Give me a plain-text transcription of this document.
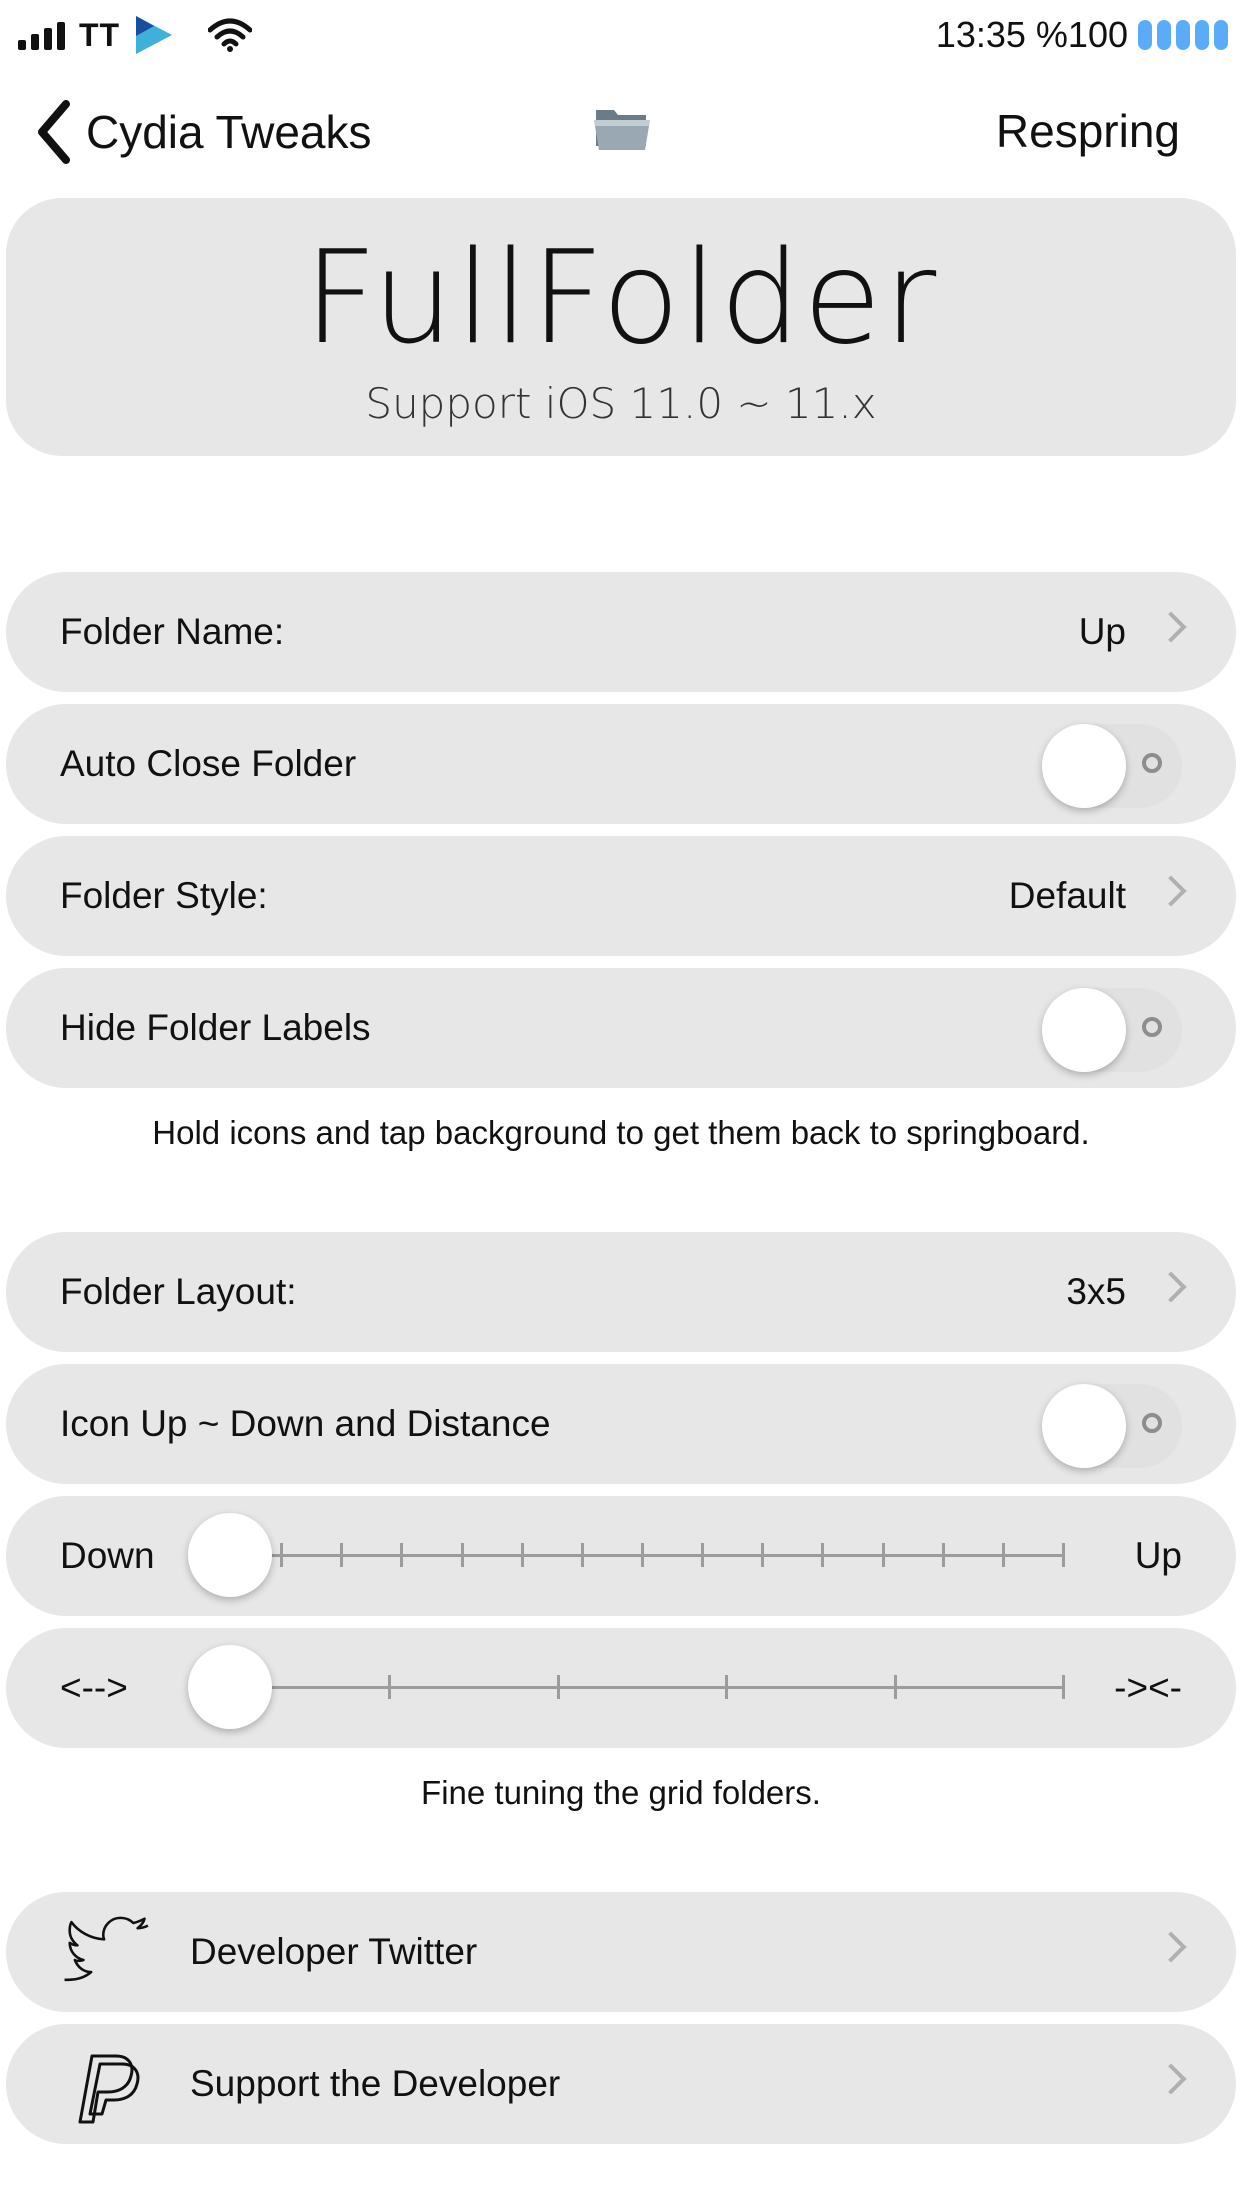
TT	13:35 %100
Cydia Tweaks	Respring
FullFolder
Support iOS 11.0 ~ 11.x
Folder Name:	Up
Auto Close Folder
Folder Style:	Default
Hide Folder Labels
Hold icons and tap background to get them back to springboard.
Folder Layout:	3x5
Icon Up ~ Down and Distance
Down	Up
<-->	-><-
Fine tuning the grid folders.
Developer Twitter
Support the Developer
